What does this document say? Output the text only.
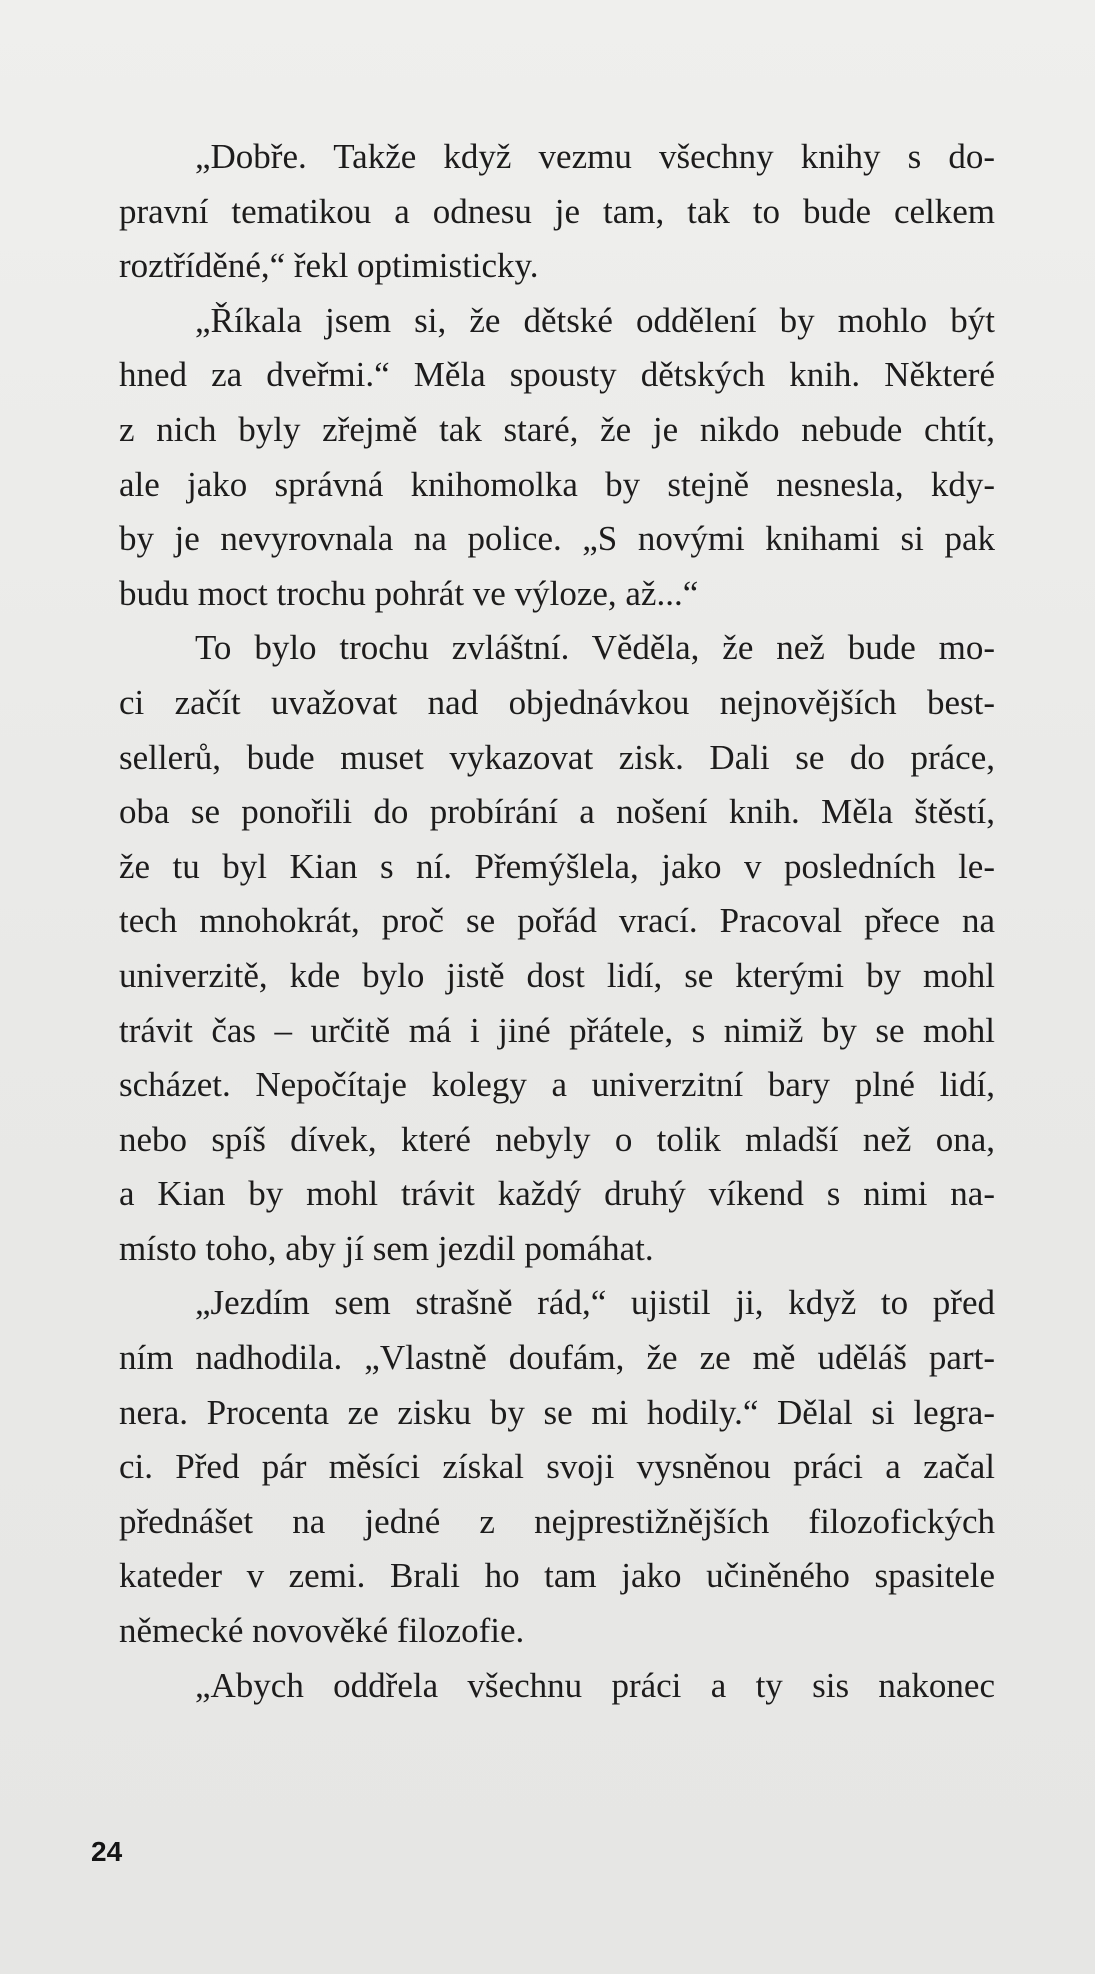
„Dobře. Takže když vezmu všechny knihy s do-
pravní tematikou a odnesu je tam, tak to bude celkem
roztříděné,“ řekl optimisticky.
„Říkala jsem si, že dětské oddělení by mohlo být
hned za dveřmi.“ Měla spousty dětských knih. Některé
z nich byly zřejmě tak staré, že je nikdo nebude chtít,
ale jako správná knihomolka by stejně nesnesla, kdy-
by je nevyrovnala na police. „S novými knihami si pak
budu moct trochu pohrát ve výloze, až...“
To bylo trochu zvláštní. Věděla, že než bude mo-
ci začít uvažovat nad objednávkou nejnovějších best-
sellerů, bude muset vykazovat zisk. Dali se do práce,
oba se ponořili do probírání a nošení knih. Měla štěstí,
že tu byl Kian s ní. Přemýšlela, jako v posledních le-
tech mnohokrát, proč se pořád vrací. Pracoval přece na
univerzitě, kde bylo jistě dost lidí, se kterými by mohl
trávit čas – určitě má i jiné přátele, s nimiž by se mohl
scházet. Nepočítaje kolegy a univerzitní bary plné lidí,
nebo spíš dívek, které nebyly o tolik mladší než ona,
a Kian by mohl trávit každý druhý víkend s nimi na-
místo toho, aby jí sem jezdil pomáhat.
„Jezdím sem strašně rád,“ ujistil ji, když to před
ním nadhodila. „Vlastně doufám, že ze mě uděláš part-
nera. Procenta ze zisku by se mi hodily.“ Dělal si legra-
ci. Před pár měsíci získal svoji vysněnou práci a začal
přednášet na jedné z nejprestižnějších filozofických
kateder v zemi. Brali ho tam jako učiněného spasitele
německé novověké filozofie.
„Abych oddřela všechnu práci a ty sis nakonec
24
